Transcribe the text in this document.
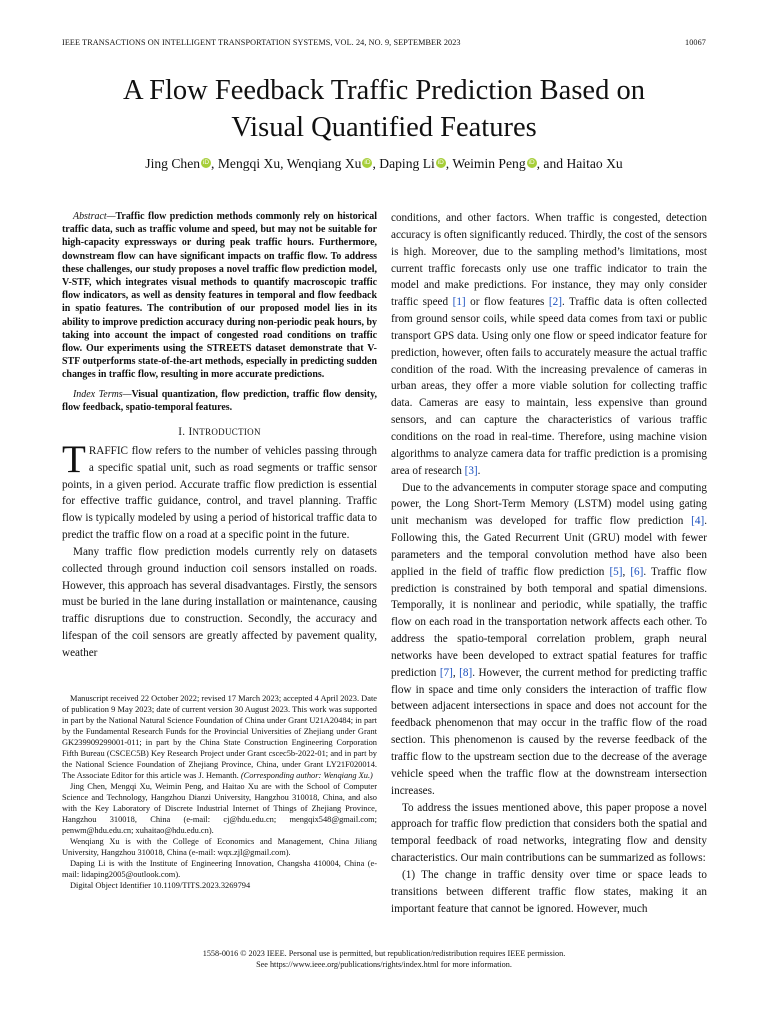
IEEE TRANSACTIONS ON INTELLIGENT TRANSPORTATION SYSTEMS, VOL. 24, NO. 9, SEPTEMBER 2023	10067
A Flow Feedback Traffic Prediction Based on
Visual Quantified Features
Jing Chen iD , Mengqi Xu, Wenqiang Xu iD , Daping Li iD , Weimin Peng iD , and Haitao Xu

Abstract—Traffic flow prediction methods commonly rely on historical traffic data, such as traffic volume and speed, but may not be suitable for high-capacity expressways or during peak traffic hours. Furthermore, downstream flow can have significant impacts on traffic flow. To address these challenges, our study proposes a novel traffic flow prediction model, V-STF, which integrates visual methods to quantify macroscopic traffic flow indicators, as well as density features in temporal and flow feedback in spatio features. The contribution of our proposed model lies in its ability to improve prediction accuracy during non-periodic peak hours, by taking into account the impact of congested road conditions on traffic flow. Our experiments using the STREETS dataset demonstrate that V-STF outperforms state-of-the-art methods, especially in predicting sudden changes in traffic flow, resulting in more accurate predictions.

Index Terms—Visual quantization, flow prediction, traffic flow density, flow feedback, spatio-temporal features.

I. INTRODUCTION

TRAFFIC flow refers to the number of vehicles passing through a specific spatial unit, such as road segments or traffic sensor points, in a given period. Accurate traffic flow prediction is essential for effective traffic guidance, control, and travel planning. Traffic flow is typically modeled by using a period of historical traffic data to predict the traffic flow on a road at a specific point in the future.

Many traffic flow prediction models currently rely on datasets collected through ground induction coil sensors installed on roads. However, this approach has several disadvantages. Firstly, the sensors must be buried in the lane during installation or maintenance, causing traffic disruptions due to construction. Secondly, the accuracy and lifespan of the coil sensors are greatly affected by pavement quality, weather

Manuscript received 22 October 2022; revised 17 March 2023; accepted 4 April 2023. Date of publication 9 May 2023; date of current version 30 August 2023. This work was supported in part by the National Natural Science Foundation of China under Grant U21A20484; in part by the Fundamental Research Funds for the Provincial Universities of Zhejiang under Grant GK239909299001-011; in part by the China State Construction Engineering Corporation Fifth Bureau (CSCEC5B) Key Research Project under Grant cscec5b-2022-01; and in part by the National Science Foundation of Zhejiang Province, China, under Grant LY21F020014. The Associate Editor for this article was J. Hemanth. (Corresponding author: Wenqiang Xu.)

Jing Chen, Mengqi Xu, Weimin Peng, and Haitao Xu are with the School of Computer Science and Technology, Hangzhou Dianzi University, Hangzhou 310018, China, and also with the Key Laboratory of Discrete Industrial Internet of Things of Zhejiang Province, Hangzhou 310018, China (e-mail: cj@hdu.edu.cn; mengqix548@gmail.com; penwm@hdu.edu.cn; xuhaitao@hdu.edu.cn).

Wenqiang Xu is with the College of Economics and Management, China Jiliang University, Hangzhou 310018, China (e-mail: wqx.zjl@gmail.com).

Daping Li is with the Institute of Engineering Innovation, Changsha 410004, China (e-mail: lidaping2005@outlook.com).

Digital Object Identifier 10.1109/TITS.2023.3269794

conditions, and other factors. When traffic is congested, detection accuracy is often significantly reduced. Thirdly, the cost of the sensors is high. Moreover, due to the sampling method’s limitations, most current traffic forecasts only use one traffic indicator to train the model and make predictions. For instance, they may only consider traffic speed [1] or flow features [2]. Traffic data is often collected from ground sensor coils, while speed data comes from taxi or public transport GPS data. Using only one flow or speed indicator feature for prediction, however, often fails to accurately measure the actual traffic condition of the road. With the increasing prevalence of cameras in urban areas, they offer a more viable solution for collecting traffic data. Cameras are easy to maintain, less expensive than ground sensors, and can capture the characteristics of various traffic conditions on the road in real-time. Therefore, using machine vision algorithms to analyze camera data for traffic prediction is a promising area of research [3].

Due to the advancements in computer storage space and computing power, the Long Short-Term Memory (LSTM) model using gating unit mechanism was developed for traffic flow prediction [4]. Following this, the Gated Recurrent Unit (GRU) model with fewer parameters and the temporal convolution method have also been applied in the field of traffic flow prediction [5], [6]. Traffic flow prediction is constrained by both temporal and spatial dimensions. Temporally, it is nonlinear and periodic, while spatially, the traffic flow on each road in the transportation network affects each other. To address the spatio-temporal correlation problem, graph neural networks have been developed to extract spatial features for traffic prediction [7], [8]. However, the current method for predicting traffic flow in space and time only considers the interaction of traffic flow between adjacent intersections in space and does not account for the feedback phenomenon that may occur in the traffic flow of the road section. This phenomenon is caused by the reverse feedback of the traffic flow to the upstream section due to the decrease of the average vehicle speed when the traffic flow at the downstream intersection increases.

To address the issues mentioned above, this paper propose a novel approach for traffic flow prediction that considers both the spatial and temporal feedback of road networks, integrating flow and density characteristics. Our main contributions can be summarized as follows:

(1) The change in traffic density over time or space leads to transitions between different traffic flow states, making it an important feature that cannot be ignored. However, much

1558-0016 © 2023 IEEE. Personal use is permitted, but republication/redistribution requires IEEE permission.
See https://www.ieee.org/publications/rights/index.html for more information.
